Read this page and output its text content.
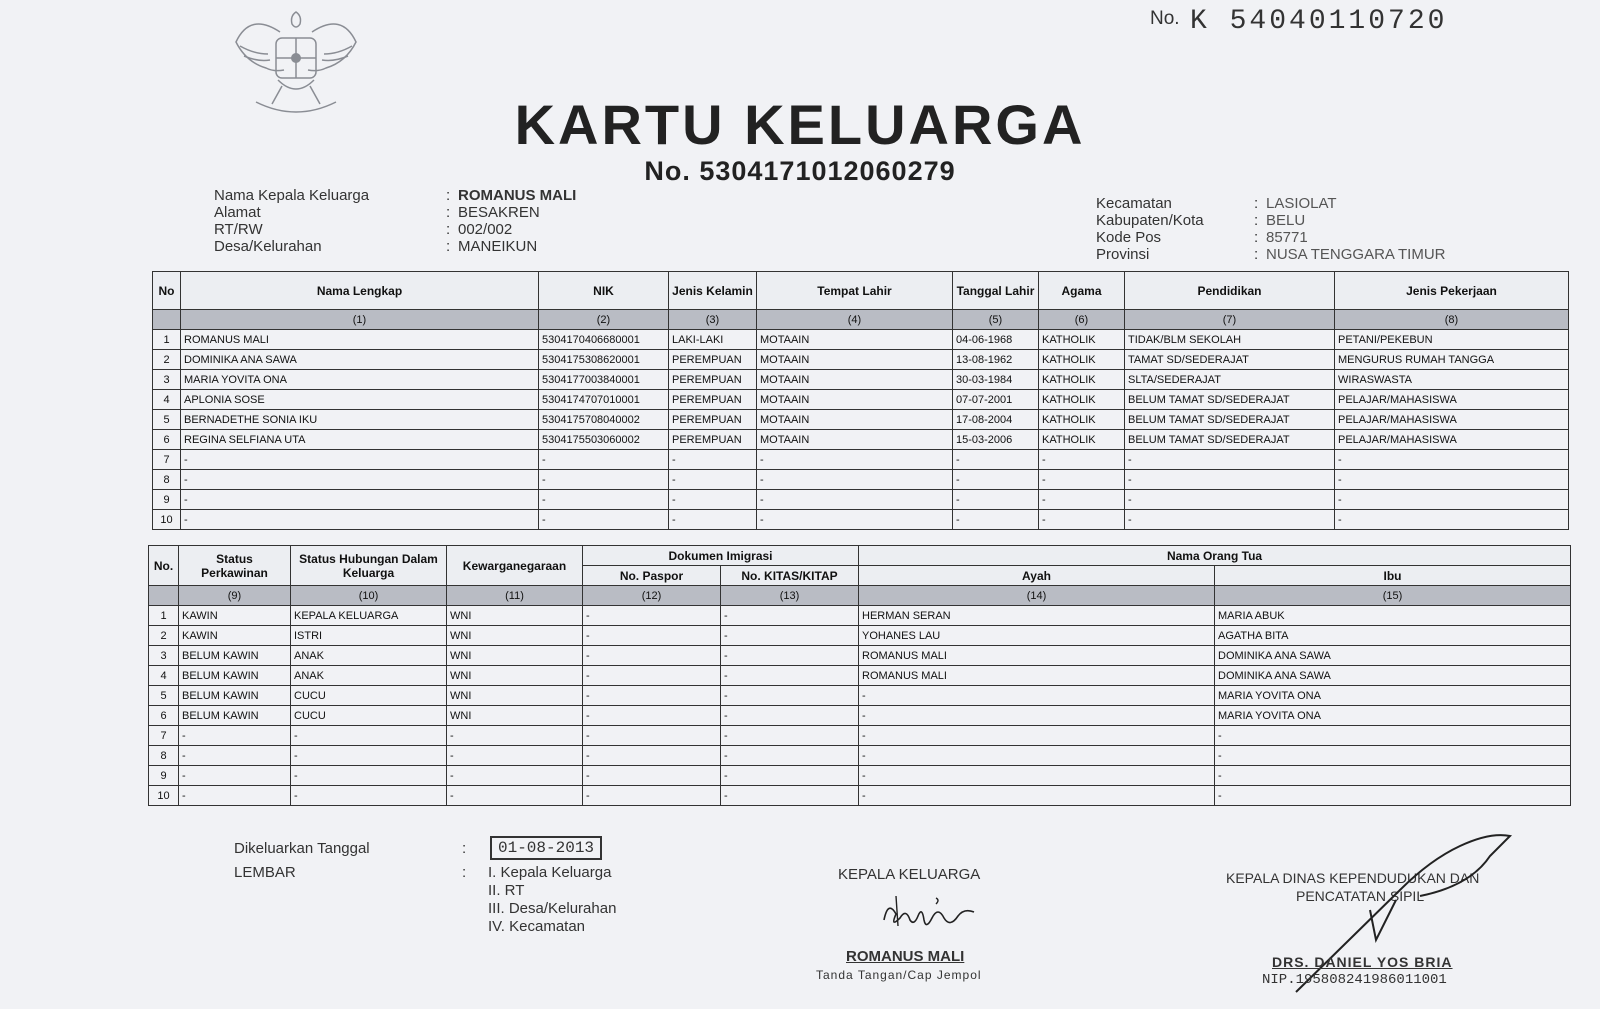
No. K 54040110720
KARTU KELUARGA
No. 5304171012060279
Nama Kepala Keluarga	: ROMANUS MALI
Alamat	: BESAKREN
RT/RW	: 002/002
Desa/Kelurahan	: MANEIKUN
Kecamatan	: LASIOLAT
Kabupaten/Kota	: BELU
Kode Pos	: 85771
Provinsi	: NUSA TENGGARA TIMUR
No	Nama Lengkap	NIK	Jenis Kelamin	Tempat Lahir	Tanggal Lahir	Agama	Pendidikan	Jenis Pekerjaan
	(1)	(2)	(3)	(4)	(5)	(6)	(7)	(8)
1	ROMANUS MALI	5304170406680001	LAKI-LAKI	MOTAAIN	04-06-1968	KATHOLIK	TIDAK/BLM SEKOLAH	PETANI/PEKEBUN
2	DOMINIKA ANA SAWA	5304175308620001	PEREMPUAN	MOTAAIN	13-08-1962	KATHOLIK	TAMAT SD/SEDERAJAT	MENGURUS RUMAH TANGGA
3	MARIA YOVITA ONA	5304177003840001	PEREMPUAN	MOTAAIN	30-03-1984	KATHOLIK	SLTA/SEDERAJAT	WIRASWASTA
4	APLONIA SOSE	5304174707010001	PEREMPUAN	MOTAAIN	07-07-2001	KATHOLIK	BELUM TAMAT SD/SEDERAJAT	PELAJAR/MAHASISWA
5	BERNADETHE SONIA IKU	5304175708040002	PEREMPUAN	MOTAAIN	17-08-2004	KATHOLIK	BELUM TAMAT SD/SEDERAJAT	PELAJAR/MAHASISWA
6	REGINA SELFIANA UTA	5304175503060002	PEREMPUAN	MOTAAIN	15-03-2006	KATHOLIK	BELUM TAMAT SD/SEDERAJAT	PELAJAR/MAHASISWA
7	-	-	-	-	-	-	-	-
8	-	-	-	-	-	-	-	-
9	-	-	-	-	-	-	-	-
10	-	-	-	-	-	-	-	-
No.	Status Perkawinan	Status Hubungan Dalam Keluarga	Kewarganegaraan	Dokumen Imigrasi		Nama Orang Tua	
				No. Paspor	No. KITAS/KITAP	Ayah	Ibu
	(9)	(10)	(11)	(12)	(13)	(14)	(15)
1	KAWIN	KEPALA KELUARGA	WNI	-	-	HERMAN SERAN	MARIA ABUK
2	KAWIN	ISTRI	WNI	-	-	YOHANES LAU	AGATHA BITA
3	BELUM KAWIN	ANAK	WNI	-	-	ROMANUS MALI	DOMINIKA ANA SAWA
4	BELUM KAWIN	ANAK	WNI	-	-	ROMANUS MALI	DOMINIKA ANA SAWA
5	BELUM KAWIN	CUCU	WNI	-	-	-	MARIA YOVITA ONA
6	BELUM KAWIN	CUCU	WNI	-	-	-	MARIA YOVITA ONA
7	-	-	-	-	-	-	-
8	-	-	-	-	-	-	-
9	-	-	-	-	-	-	-
10	-	-	-	-	-	-	-
Dikeluarkan Tanggal	:	01-08-2013
LEMBAR	: I. Kepala Keluarga
II. RT
III. Desa/Kelurahan
IV. Kecamatan
KEPALA KELUARGA
ROMANUS MALI
Tanda Tangan/Cap Jempol
KEPALA DINAS KEPENDUDUKAN DAN
PENCATATAN SIPIL
DRS. DANIEL YOS BRIA
NIP.195808241986011001
